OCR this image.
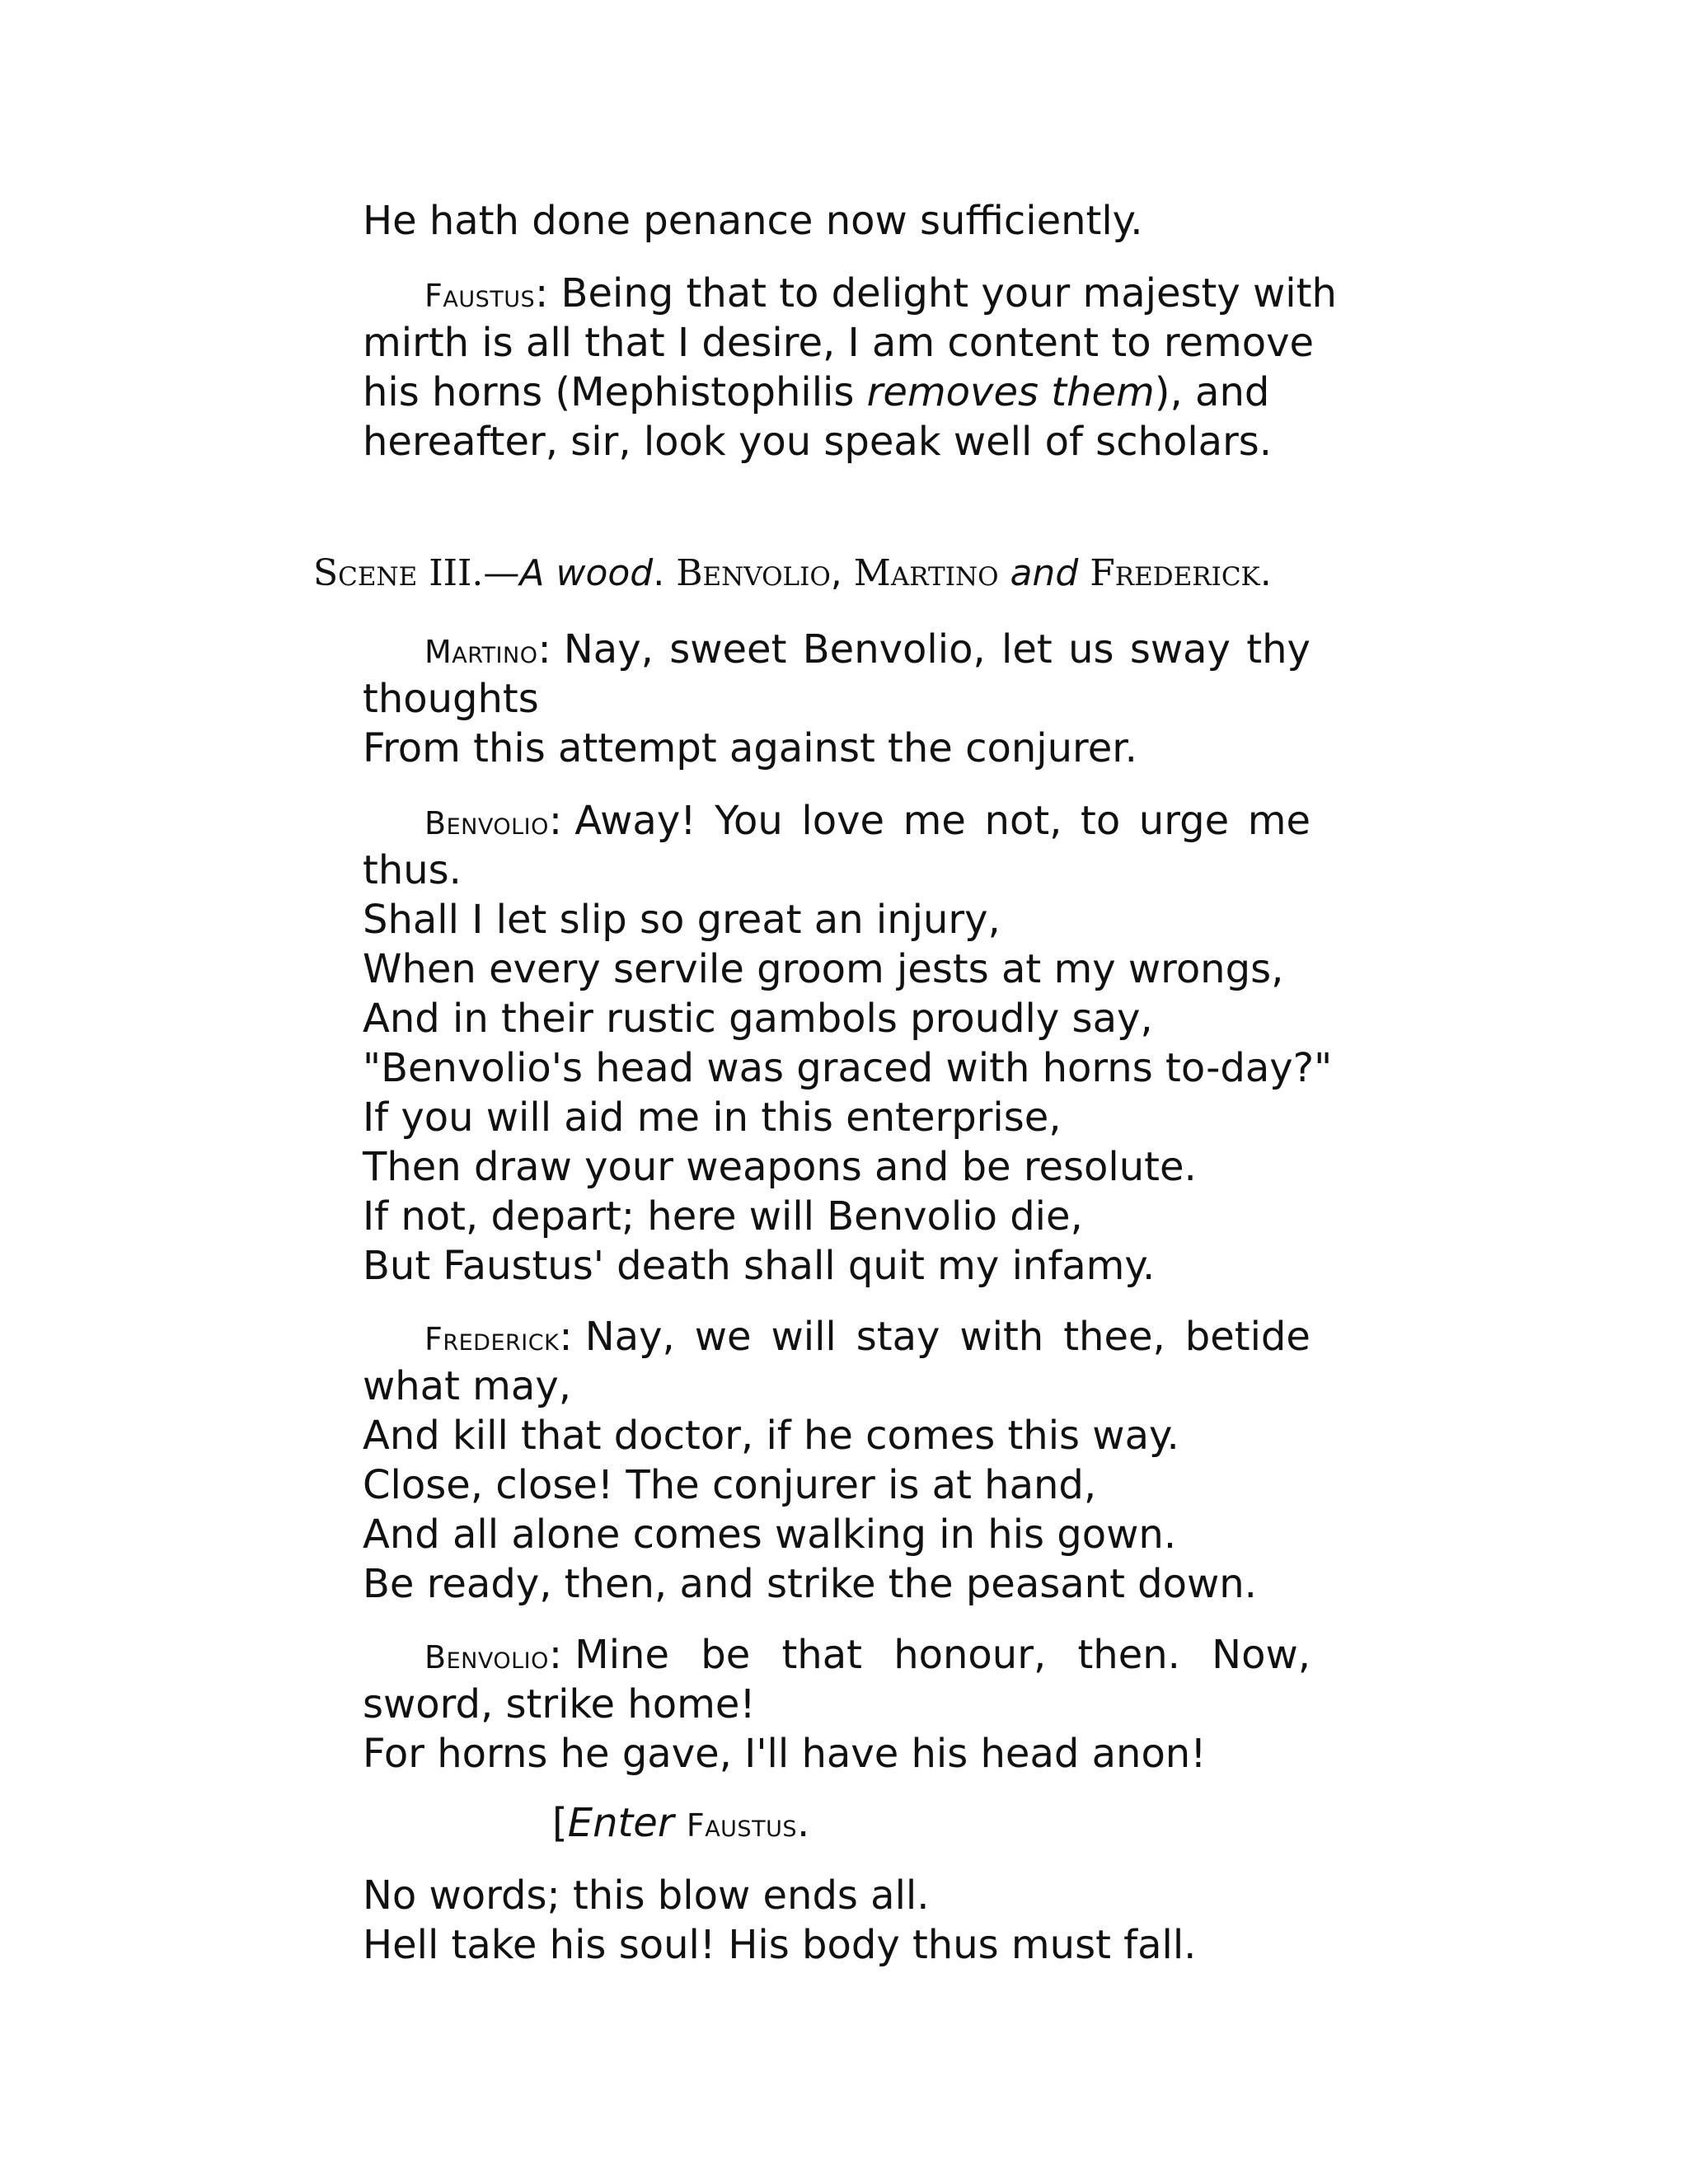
He hath done penance now sufficiently.
Faustus: Being that to delight your majesty with
mirth is all that I desire, I am content to remove
his horns (Mephistophilis removes them), and
hereafter, sir, look you speak well of scholars.
Scene III.—A wood. Benvolio, Martino and Frederick.
Martino: Nay, sweet Benvolio, let us sway thy
thoughts
From this attempt against the conjurer.
Benvolio: Away! You love me not, to urge me
thus.
Shall I let slip so great an injury,
When every servile groom jests at my wrongs,
And in their rustic gambols proudly say,
"Benvolio's head was graced with horns to-day?"
If you will aid me in this enterprise,
Then draw your weapons and be resolute.
If not, depart; here will Benvolio die,
But Faustus' death shall quit my infamy.
Frederick: Nay, we will stay with thee, betide
what may,
And kill that doctor, if he comes this way.
Close, close! The conjurer is at hand,
And all alone comes walking in his gown.
Be ready, then, and strike the peasant down.
Benvolio: Mine be that honour, then. Now,
sword, strike home!
For horns he gave, I'll have his head anon!
[Enter Faustus.
No words; this blow ends all.
Hell take his soul! His body thus must fall.
